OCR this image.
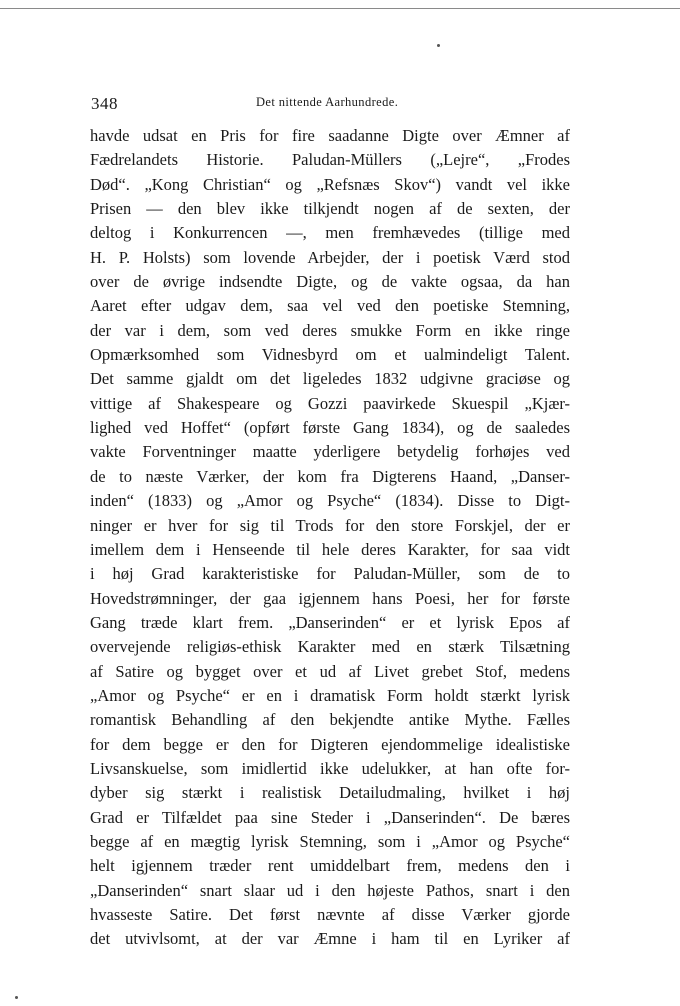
348	Det nittende Aarhundrede.
havde udsat en Pris for fire saadanne Digte over Æmner af
Fædrelandets Historie. Paludan-Müllers („Lejre“, „Frodes
Død“. „Kong Christian“ og „Refsnæs Skov“) vandt vel ikke
Prisen — den blev ikke tilkjendt nogen af de sexten, der
deltog i Konkurrencen —, men fremhævedes (tillige med
H. P. Holsts) som lovende Arbejder, der i poetisk Værd stod
over de øvrige indsendte Digte, og de vakte ogsaa, da han
Aaret efter udgav dem, saa vel ved den poetiske Stemning,
der var i dem, som ved deres smukke Form en ikke ringe
Opmærksomhed som Vidnesbyrd om et ualmindeligt Talent.
Det samme gjaldt om det ligeledes 1832 udgivne graciøse og
vittige af Shakespeare og Gozzi paavirkede Skuespil „Kjær-
lighed ved Hoffet“ (opført første Gang 1834), og de saaledes
vakte Forventninger maatte yderligere betydelig forhøjes ved
de to næste Værker, der kom fra Digterens Haand, „Danser-
inden“ (1833) og „Amor og Psyche“ (1834). Disse to Digt-
ninger er hver for sig til Trods for den store Forskjel, der er
imellem dem i Henseende til hele deres Karakter, for saa vidt
i høj Grad karakteristiske for Paludan-Müller, som de to
Hovedstrømninger, der gaa igjennem hans Poesi, her for første
Gang træde klart frem. „Danserinden“ er et lyrisk Epos af
overvejende religiøs-ethisk Karakter med en stærk Tilsætning
af Satire og bygget over et ud af Livet grebet Stof, medens
„Amor og Psyche“ er en i dramatisk Form holdt stærkt lyrisk
romantisk Behandling af den bekjendte antike Mythe. Fælles
for dem begge er den for Digteren ejendommelige idealistiske
Livsanskuelse, som imidlertid ikke udelukker, at han ofte for-
dyber sig stærkt i realistisk Detailudmaling, hvilket i høj
Grad er Tilfældet paa sine Steder i „Danserinden“. De bæres
begge af en mægtig lyrisk Stemning, som i „Amor og Psyche“
helt igjennem træder rent umiddelbart frem, medens den i
„Danserinden“ snart slaar ud i den højeste Pathos, snart i den
hvasseste Satire. Det først nævnte af disse Værker gjorde
det utvivlsomt, at der var Æmne i ham til en Lyriker af
